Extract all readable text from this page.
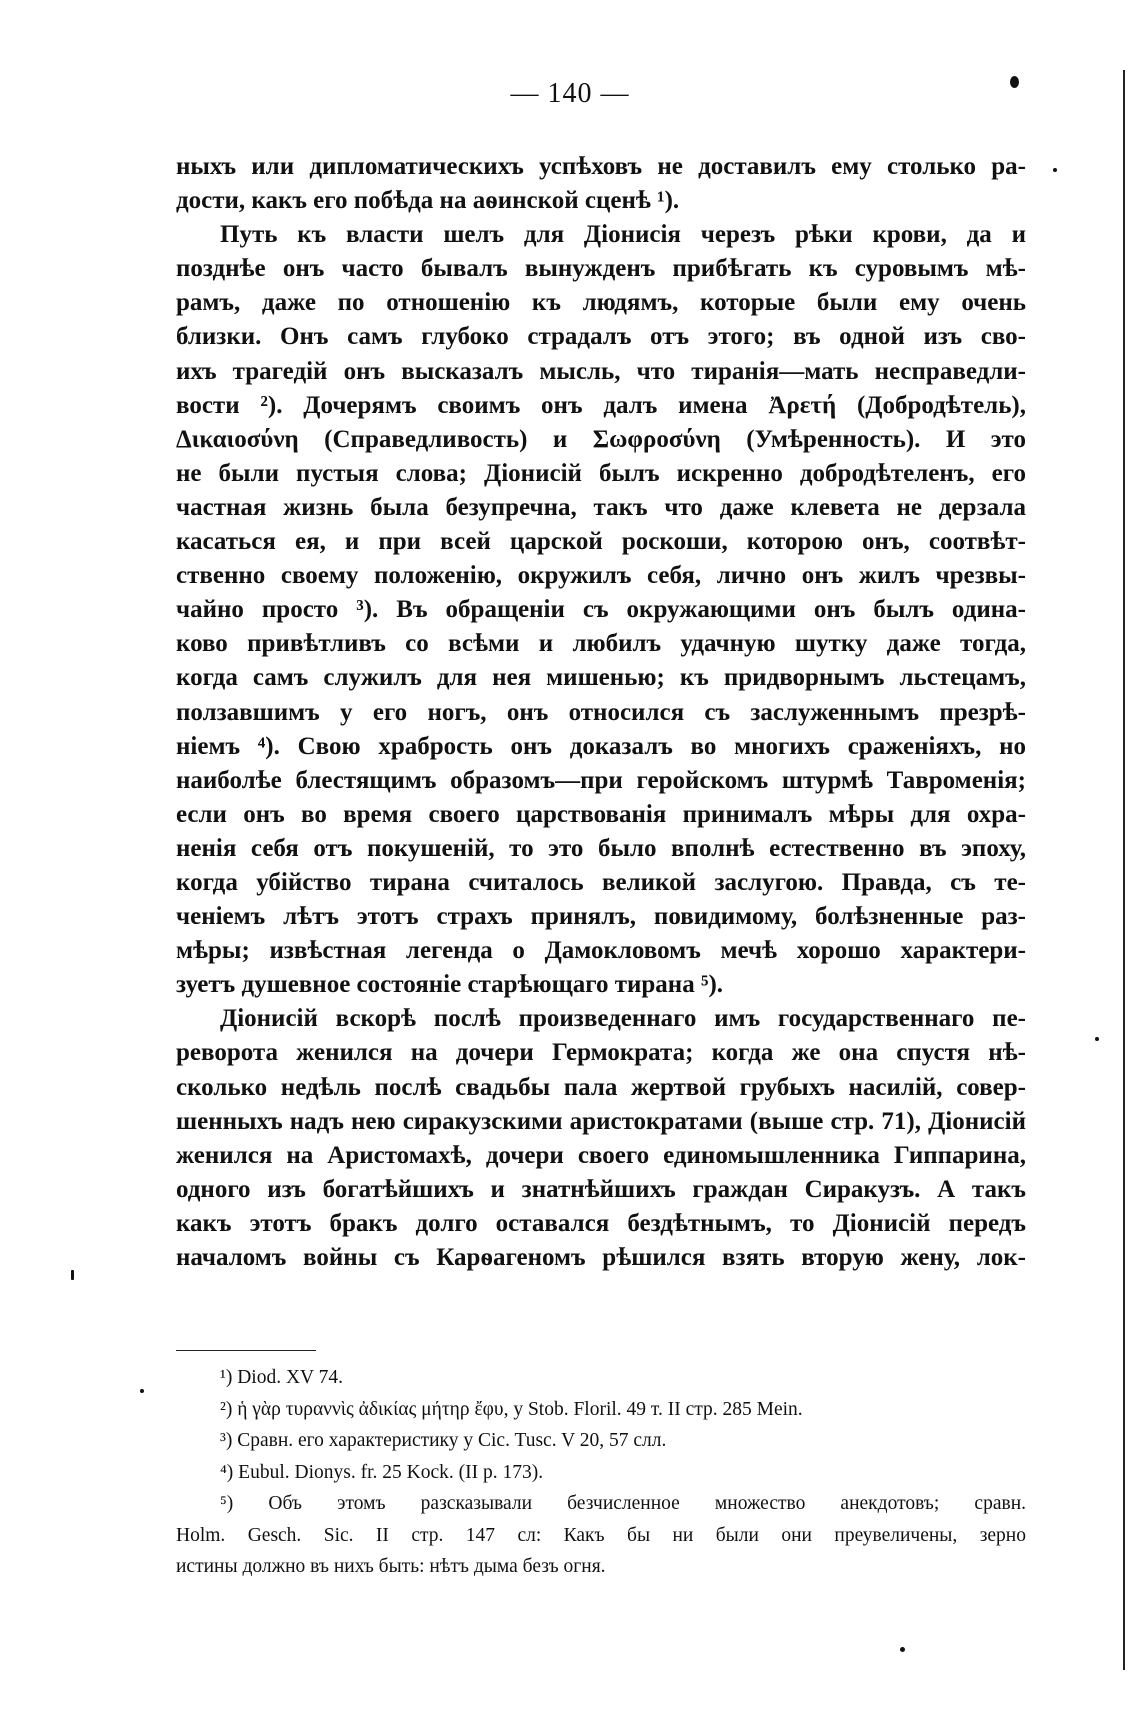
— 140 —
ныхъ или дипломатическихъ успѣховъ не доставилъ ему столько ра-
дости, какъ его побѣда на аѳинской сценѣ ¹).
Путь къ власти шелъ для Діонисія черезъ рѣки крови, да и
позднѣе онъ часто бывалъ вынужденъ прибѣгать къ суровымъ мѣ-
рамъ, даже по отношенію къ людямъ, которые были ему очень
близки. Онъ самъ глубоко страдалъ отъ этого; въ одной изъ сво-
ихъ трагедій онъ высказалъ мысль, что тиранія—мать несправедли-
вости ²). Дочерямъ своимъ онъ далъ имена Ἀρετή (Добродѣтель),
Δικαιοσύνη (Справедливость) и Σωφροσύνη (Умѣренность). И это
не были пустыя слова; Діонисій былъ искренно добродѣтеленъ, его
частная жизнь была безупречна, такъ что даже клевета не дерзала
касаться ея, и при всей царской роскоши, которою онъ, соотвѣт-
ственно своему положенію, окружилъ себя, лично онъ жилъ чрезвы-
чайно просто ³). Въ обращеніи съ окружающими онъ былъ одина-
ково привѣтливъ со всѣми и любилъ удачную шутку даже тогда,
когда самъ служилъ для нея мишенью; къ придворнымъ льстецамъ,
ползавшимъ у его ногъ, онъ относился съ заслуженнымъ презрѣ-
ніемъ ⁴). Свою храбрость онъ доказалъ во многихъ сраженіяхъ, но
наиболѣе блестящимъ образомъ—при геройскомъ штурмѣ Тавроменія;
если онъ во время своего царствованія принималъ мѣры для охра-
ненія себя отъ покушеній, то это было вполнѣ естественно въ эпоху,
когда убійство тирана считалось великой заслугою. Правда, съ те-
ченіемъ лѣтъ этотъ страхъ принялъ, повидимому, болѣзненные раз-
мѣры; извѣстная легенда о Дамокловомъ мечѣ хорошо характери-
зуетъ душевное состояніе старѣющаго тирана ⁵).
Діонисій вскорѣ послѣ произведеннаго имъ государственнаго пе-
реворота женился на дочери Гермократа; когда же она спустя нѣ-
сколько недѣль послѣ свадьбы пала жертвой грубыхъ насилій, совер-
шенныхъ надъ нею сиракузскими аристократами (выше стр. 71), Діонисій
женился на Аристомахѣ, дочери своего единомышленника Гиппарина,
одного изъ богатѣйшихъ и знатнѣйшихъ граждан Сиракузъ. А такъ
какъ этотъ бракъ долго оставался бездѣтнымъ, то Діонисій передъ
началомъ войны съ Карѳагеномъ рѣшился взять вторую жену, лок-
¹) Diod. XV 74.
²) ἡ γὰρ τυραννὶς ἀδικίας μήτηρ ἔφυ, у Stob. Floril. 49 т. II стр. 285 Mein.
³) Сравн. его характеристику у Cic. Tusc. V 20, 57 слл.
⁴) Eubul. Dionys. fr. 25 Kock. (II p. 173).
⁵) Объ этомъ разсказывали безчисленное множество анекдотовъ; сравн.
Holm. Gesch. Sic. II стр. 147 сл: Какъ бы ни были они преувеличены, зерно
истины должно въ нихъ быть: нѣтъ дыма безъ огня.
